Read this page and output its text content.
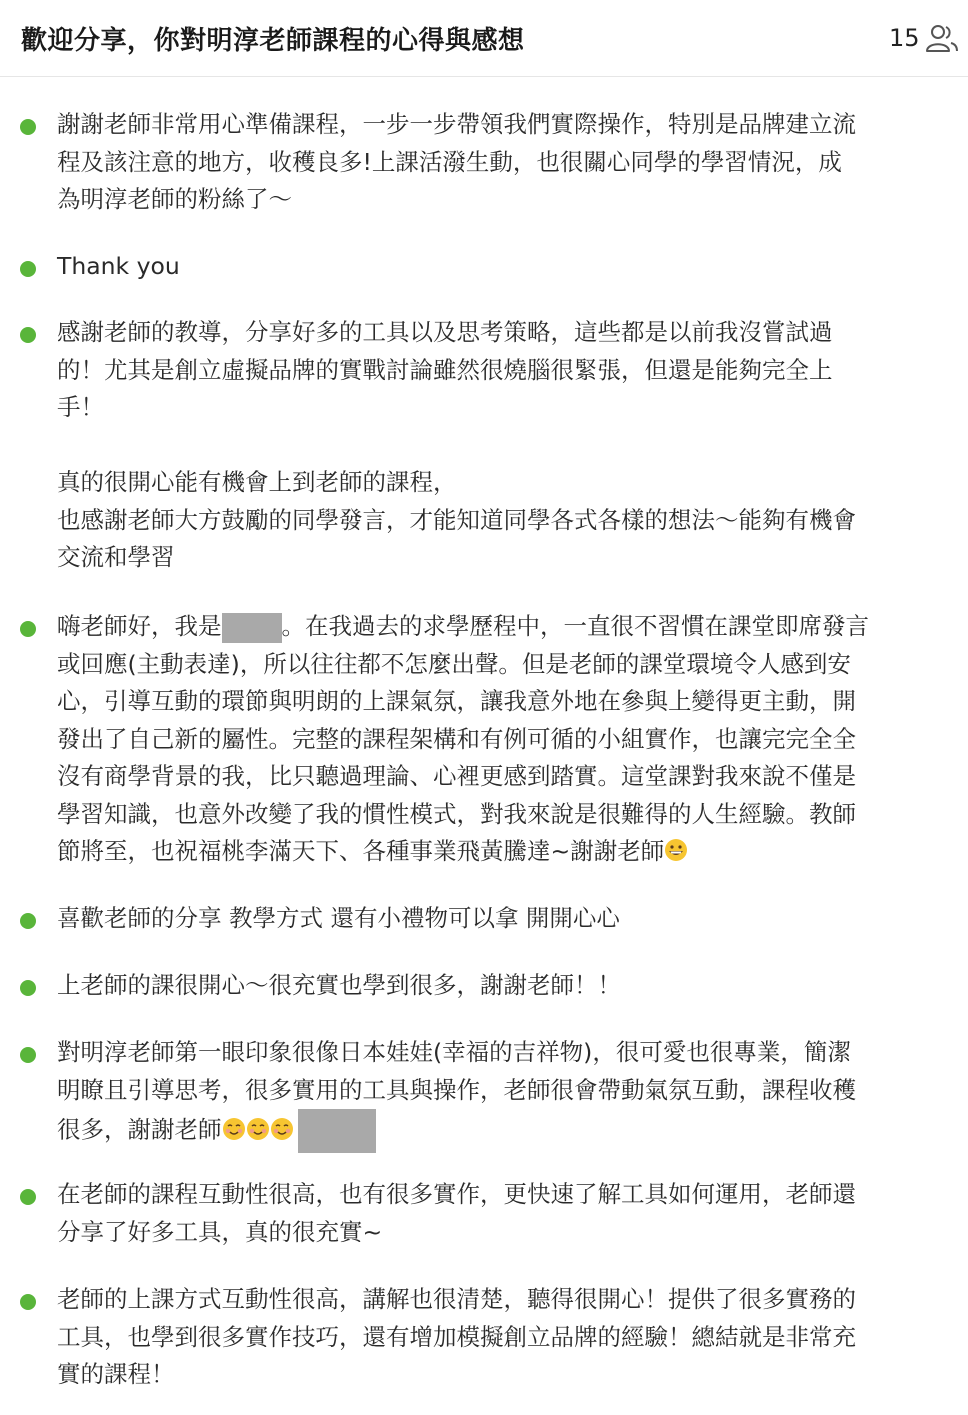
歡迎分享，你對明淳老師課程的心得與感想	15
謝謝老師非常用心準備課程，一步一步帶領我們實際操作，特別是品牌建立流
程及該注意的地方，收穫良多!上課活潑生動，也很關心同學的學習情況，成
為明淳老師的粉絲了～
Thank you
感謝老師的教導，分享好多的工具以及思考策略，這些都是以前我沒嘗試過
的！尤其是創立虛擬品牌的實戰討論雖然很燒腦很緊張，但還是能夠完全上
手！
真的很開心能有機會上到老師的課程，
也感謝老師大方鼓勵的同學發言，才能知道同學各式各樣的想法～能夠有機會
交流和學習
嗨老師好，我是	。在我過去的求學歷程中，一直很不習慣在課堂即席發言
或回應(主動表達)，所以往往都不怎麼出聲。但是老師的課堂環境令人感到安
心，引導互動的環節與明朗的上課氣氛，讓我意外地在參與上變得更主動，開
發出了自己新的屬性。完整的課程架構和有例可循的小組實作，也讓完完全全
沒有商學背景的我，比只聽過理論、心裡更感到踏實。這堂課對我來說不僅是
學習知識，也意外改變了我的慣性模式，對我來說是很難得的人生經驗。教師
節將至，也祝福桃李滿天下、各種事業飛黃騰達~謝謝老師
喜歡老師的分享 教學方式 還有小禮物可以拿 開開心心
上老師的課很開心～很充實也學到很多，謝謝老師！！
對明淳老師第一眼印象很像日本娃娃(幸福的吉祥物)，很可愛也很專業，簡潔
明瞭且引導思考，很多實用的工具與操作，老師很會帶動氣氛互動，課程收穫
很多，謝謝老師
在老師的課程互動性很高，也有很多實作，更快速了解工具如何運用，老師還
分享了好多工具，真的很充實~
老師的上課方式互動性很高，講解也很清楚，聽得很開心！提供了很多實務的
工具，也學到很多實作技巧，還有增加模擬創立品牌的經驗！總結就是非常充
實的課程！
